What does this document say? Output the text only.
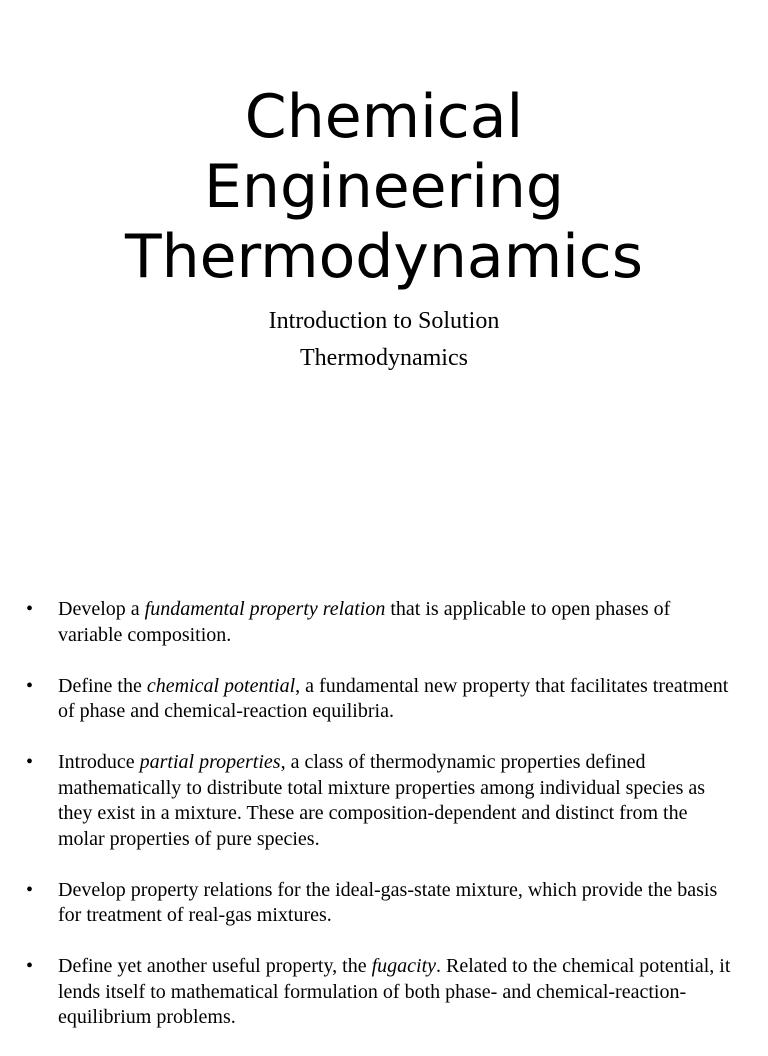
Chemical
Engineering
Thermodynamics
Introduction to Solution
Thermodynamics
• Develop a fundamental property relation that is applicable to open phases of variable composition.
• Define the chemical potential, a fundamental new property that facilitates treatment of phase and chemical-reaction equilibria.
• Introduce partial properties, a class of thermodynamic properties defined mathematically to distribute total mixture properties among individual species as they exist in a mixture. These are composition-dependent and distinct from the molar properties of pure species.
• Develop property relations for the ideal-gas-state mixture, which provide the basis for treatment of real-gas mixtures.
• Define yet another useful property, the fugacity. Related to the chemical potential, it lends itself to mathematical formulation of both phase- and chemical-reaction-equilibrium problems.
